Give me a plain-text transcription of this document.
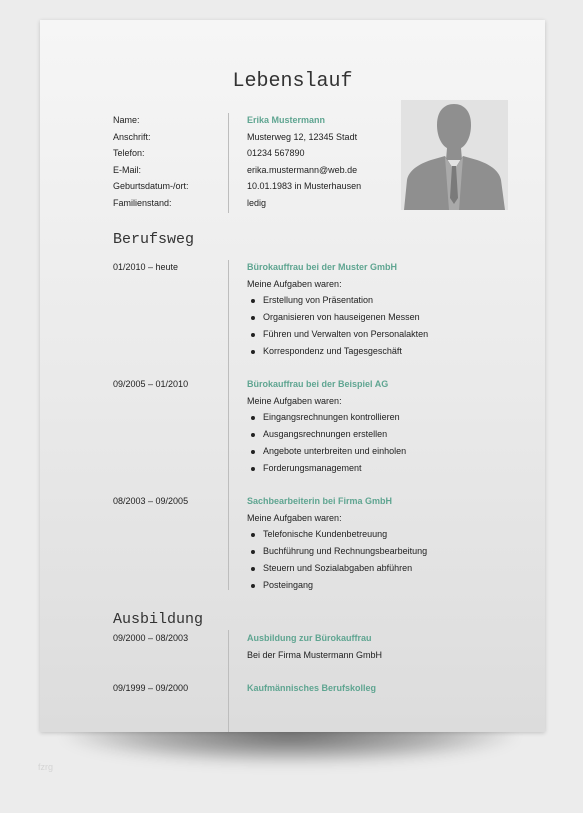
Lebenslauf
Name:	Erika Mustermann
Anschrift:	Musterweg 12, 12345 Stadt
Telefon:	01234 567890
E-Mail:	erika.mustermann@web.de
Geburtsdatum-/ort:	10.01.1983 in Musterhausen
Familienstand:	ledig
Berufsweg
01/2010 – heute	Bürokauffrau bei der Muster GmbH
Meine Aufgaben waren:
Erstellung von Präsentation
Organisieren von hauseigenen Messen
Führen und Verwalten von Personalakten
Korrespondenz und Tagesgeschäft
09/2005 – 01/2010	Bürokauffrau bei der Beispiel AG
Meine Aufgaben waren:
Eingangsrechnungen kontrollieren
Ausgangsrechnungen erstellen
Angebote unterbreiten und einholen
Forderungsmanagement
08/2003 – 09/2005	Sachbearbeiterin bei Firma GmbH
Meine Aufgaben waren:
Telefonische Kundenbetreuung
Buchführung und Rechnungsbearbeitung
Steuern und Sozialabgaben abführen
Posteingang
Ausbildung
09/2000 – 08/2003	Ausbildung zur Bürokauffrau
Bei der Firma Mustermann GmbH
09/1999 – 09/2000	Kaufmännisches Berufskolleg
fzrg
